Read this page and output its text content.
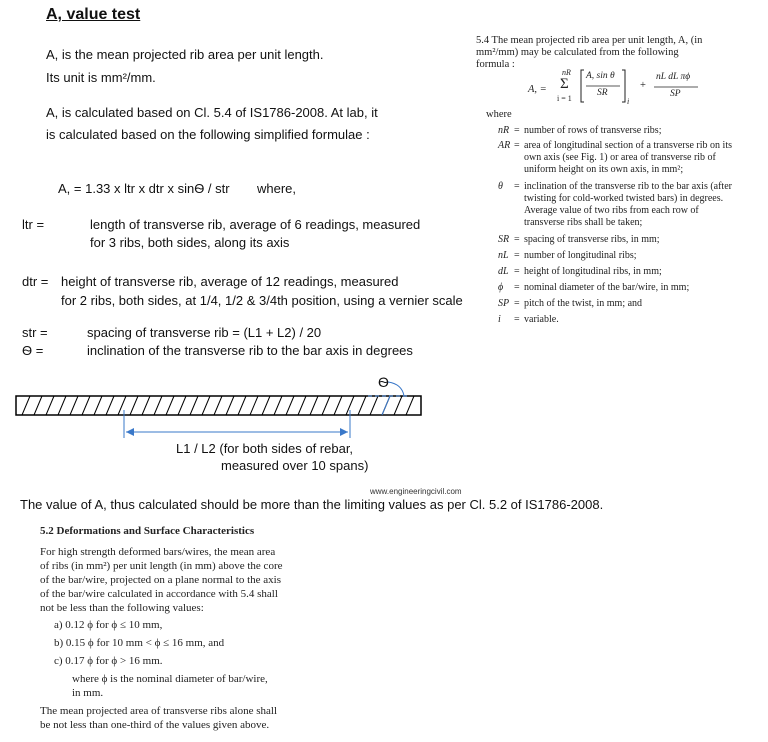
A, value test
A, is the mean projected rib area per unit length.
Its unit is mm²/mm.
A, is calculated based on Cl. 5.4 of IS1786-2008. At lab, it
is calculated based on the following simplified formulae :
A, = 1.33 x ltr x dtr x sinѲ / str where,
ltr =	length of transverse rib, average of 6 readings, measured
for 3 ribs, both sides, along its axis
dtr = height of transverse rib, average of 12 readings, measured
for 2 ribs, both sides, at 1/4, 1/2 & 3/4th position, using a vernier scale
str =	spacing of transverse rib = (L1 + L2) / 20
Ѳ =	inclination of the transverse rib to the bar axis in degrees
Ѳ
L1 / L2 (for both sides of rebar,
measured over 10 spans)
www.engineeringcivil.com
The value of A, thus calculated should be more than the limiting values as per Cl. 5.2 of IS1786-2008.
5.4 The mean projected rib area per unit length, A, (in
mm²/mm) may be calculated from the following
formula :
A, =
nR
Σ
i = 1
A, sin θ
SR
i
+
nL dL πϕ
SP
where
nR = number of rows of transverse ribs;
AR = area of longitudinal section of a transverse rib on its own axis (see Fig. 1) or area of transverse rib of uniform height on its own axis, in mm²;
θ	= inclination of the transverse rib to the bar axis (after twisting for cold-worked twisted bars) in degrees. Average value of two ribs from each row of transverse ribs shall be taken;
SR = spacing of transverse ribs, in mm;
nL = number of longitudinal ribs;
dL = height of longitudinal ribs, in mm;
ϕ	= nominal diameter of the bar/wire, in mm;
SP = pitch of the twist, in mm; and
i	= variable.
5.2 Deformations and Surface Characteristics
For high strength deformed bars/wires, the mean area
of ribs (in mm²) per unit length (in mm) above the core
of the bar/wire, projected on a plane normal to the axis
of the bar/wire calculated in accordance with 5.4 shall
not be less than the following values:
a) 0.12 ϕ for ϕ ≤ 10 mm,
b) 0.15 ϕ for 10 mm < ϕ ≤ 16 mm, and
c) 0.17 ϕ for ϕ > 16 mm.
where ϕ is the nominal diameter of bar/wire,
in mm.
The mean projected area of transverse ribs alone shall
be not less than one-third of the values given above.
